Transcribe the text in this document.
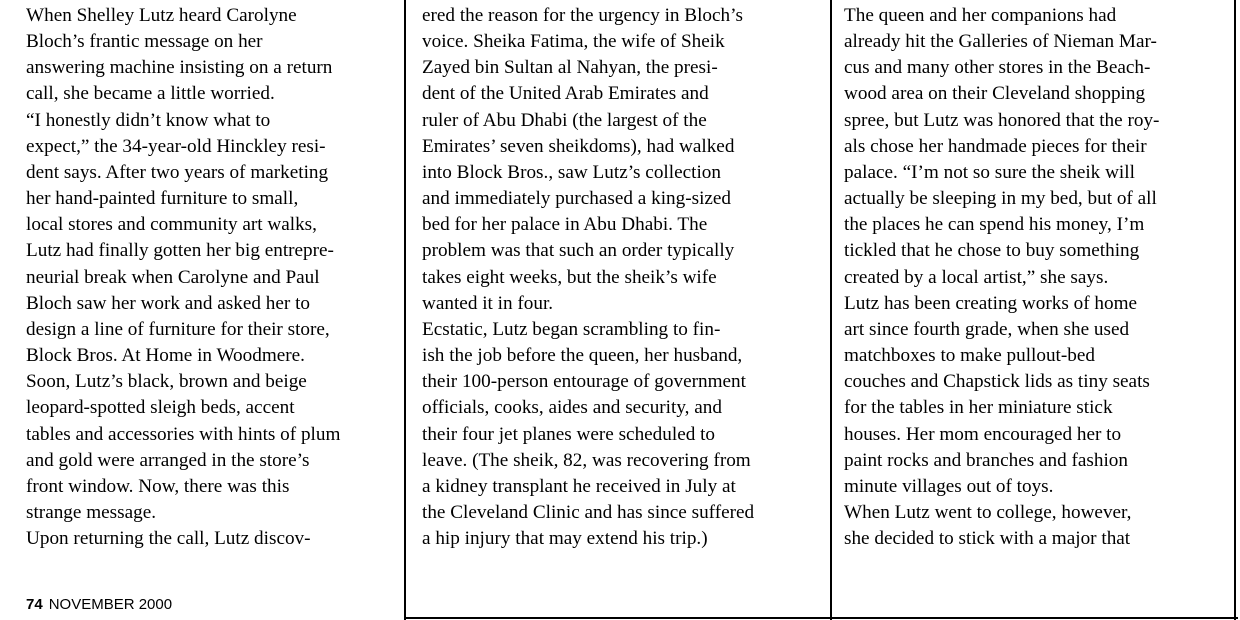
When Shelley Lutz heard Carolyne
Bloch’s frantic message on her
answering machine insisting on a return
call, she became a little worried.
“I honestly didn’t know what to
expect,” the 34-year-old Hinckley resi-
dent says. After two years of marketing
her hand-painted furniture to small,
local stores and community art walks,
Lutz had finally gotten her big entrepre-
neurial break when Carolyne and Paul
Bloch saw her work and asked her to
design a line of furniture for their store,
Block Bros. At Home in Woodmere.
Soon, Lutz’s black, brown and beige
leopard-spotted sleigh beds, accent
tables and accessories with hints of plum
and gold were arranged in the store’s
front window. Now, there was this
strange message.
Upon returning the call, Lutz discov-
74 NOVEMBER 2000
ered the reason for the urgency in Bloch’s
voice. Sheika Fatima, the wife of Sheik
Zayed bin Sultan al Nahyan, the presi-
dent of the United Arab Emirates and
ruler of Abu Dhabi (the largest of the
Emirates’ seven sheikdoms), had walked
into Block Bros., saw Lutz’s collection
and immediately purchased a king-sized
bed for her palace in Abu Dhabi. The
problem was that such an order typically
takes eight weeks, but the sheik’s wife
wanted it in four.
Ecstatic, Lutz began scrambling to fin-
ish the job before the queen, her husband,
their 100-person entourage of government
officials, cooks, aides and security, and
their four jet planes were scheduled to
leave. (The sheik, 82, was recovering from
a kidney transplant he received in July at
the Cleveland Clinic and has since suffered
a hip injury that may extend his trip.)
The queen and her companions had
already hit the Galleries of Nieman Mar-
cus and many other stores in the Beach-
wood area on their Cleveland shopping
spree, but Lutz was honored that the roy-
als chose her handmade pieces for their
palace. “I’m not so sure the sheik will
actually be sleeping in my bed, but of all
the places he can spend his money, I’m
tickled that he chose to buy something
created by a local artist,” she says.
Lutz has been creating works of home
art since fourth grade, when she used
matchboxes to make pullout-bed
couches and Chapstick lids as tiny seats
for the tables in her miniature stick
houses. Her mom encouraged her to
paint rocks and branches and fashion
minute villages out of toys.
When Lutz went to college, however,
she decided to stick with a major that
